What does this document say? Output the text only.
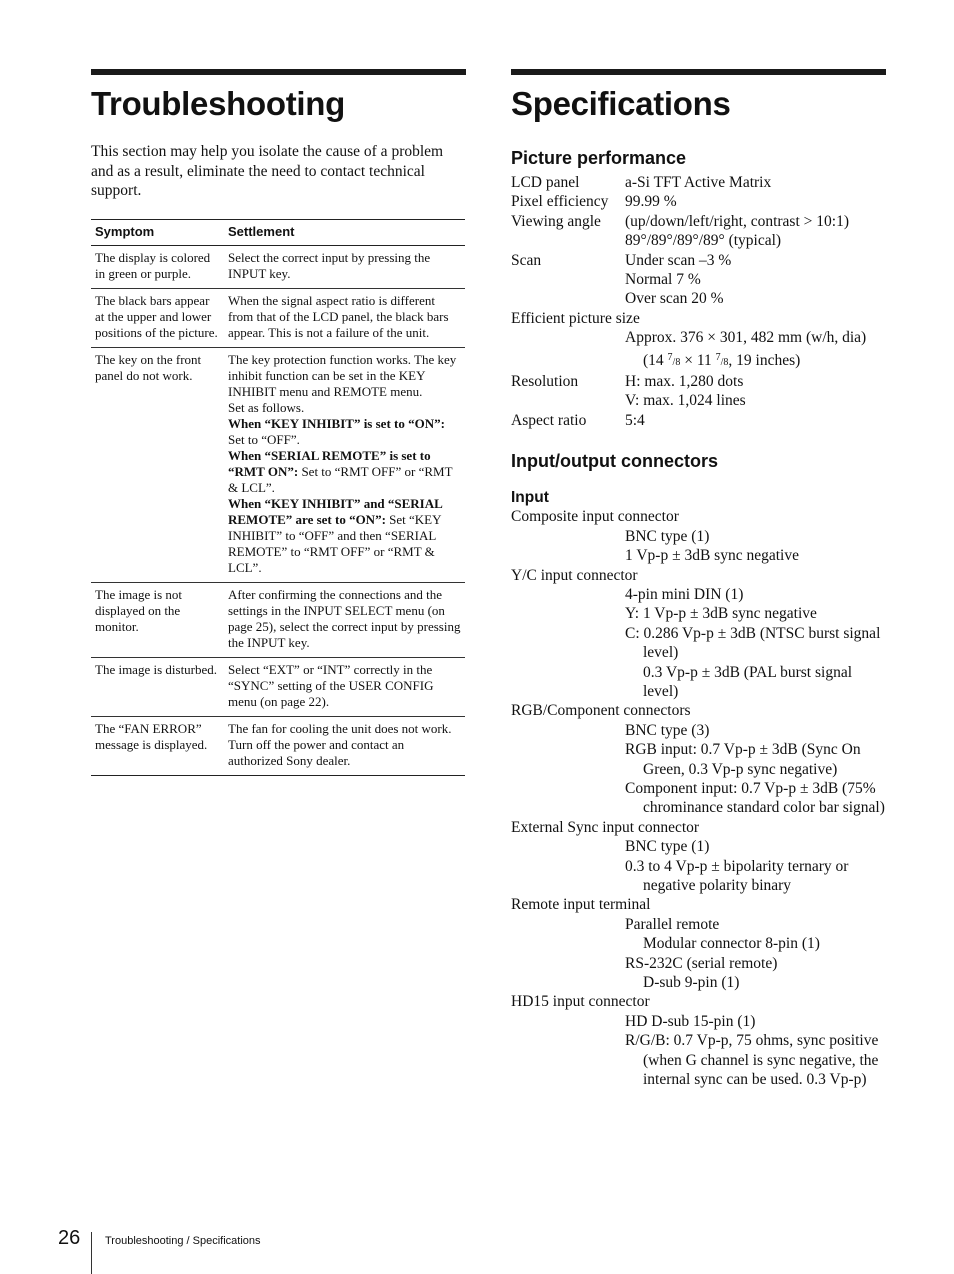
Troubleshooting

This section may help you isolate the cause of a problem and as a result, eliminate the need to contact technical support.

Symptom	Settlement
The display is colored in green or purple.	Select the correct input by pressing the INPUT key.
The black bars appear at the upper and lower positions of the picture.	When the signal aspect ratio is different from that of the LCD panel, the black bars appear. This is not a failure of the unit.
The key on the front panel do not work.	The key protection function works. The key inhibit function can be set in the KEY INHIBIT menu and REMOTE menu.
Set as follows.
When “KEY INHIBIT” is set to “ON”: Set to “OFF”.
When “SERIAL REMOTE” is set to “RMT ON”: Set to “RMT OFF” or “RMT & LCL”.
When “KEY INHIBIT” and “SERIAL REMOTE” are set to “ON”: Set “KEY INHIBIT” to “OFF” and then “SERIAL REMOTE” to “RMT OFF” or “RMT & LCL”.

The image is not displayed on the monitor.	After confirming the connections and the settings in the INPUT SELECT menu (on page 25), select the correct input by pressing the INPUT key.
The image is disturbed.	Select “EXT” or “INT” correctly in the “SYNC” setting of the USER CONFIG menu (on page 22).
The “FAN ERROR” message is displayed.	The fan for cooling the unit does not work.
Turn off the power and contact an authorized Sony dealer.
Specifications
Picture performance
LCD panel	a-Si TFT Active Matrix
Pixel efficiency	99.99 %
Viewing angle	(up/down/left/right, contrast > 10:1)
89°/89°/89°/89° (typical)
Scan	Under scan –3 %
Normal 7 %
Over scan 20 %
Efficient picture size
Approx. 376 × 301, 482 mm (w/h, dia)
(14 $^7$/8 × 11 $^7$/8, 19 inches)
Resolution	H: max. 1,280 dots
V: max. 1,024 lines
Aspect ratio	5:4
Input/output connectors
Input
Composite input connector
BNC type (1)
1 Vp-p ± 3dB sync negative
Y/C input connector
4-pin mini DIN (1)
Y: 1 Vp-p ± 3dB sync negative
C: 0.286 Vp-p ± 3dB (NTSC burst signal level)
0.3 Vp-p ± 3dB (PAL burst signal level)
RGB/Component connectors
BNC type (3)
RGB input: 0.7 Vp-p ± 3dB (Sync On Green, 0.3 Vp-p sync negative)
Component input: 0.7 Vp-p ± 3dB (75% chrominance standard color bar signal)
External Sync input connector
BNC type (1)
0.3 to 4 Vp-p ± bipolarity ternary or negative polarity binary
Remote input terminal
Parallel remote
Modular connector 8-pin (1)
RS-232C (serial remote)
D-sub 9-pin (1)
HD15 input connector
HD D-sub 15-pin (1)
R/G/B: 0.7 Vp-p, 75 ohms, sync positive (when G channel is sync negative, the internal sync can be used. 0.3 Vp-p)
26 Troubleshooting / Specifications
